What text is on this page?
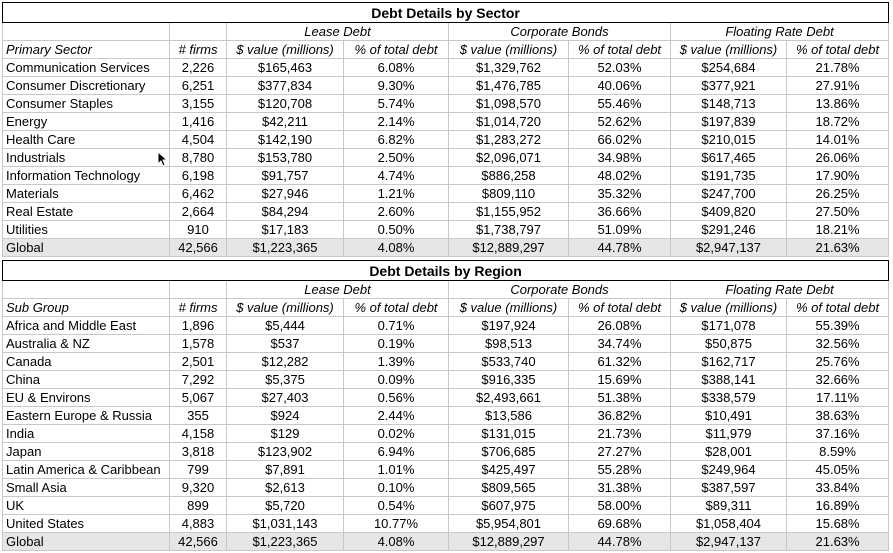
Debt Details by Sector							
		Lease Debt		Corporate Bonds		Floating Rate Debt	
Primary Sector	# firms	$ value (millions)	% of total debt	$ value (millions)	% of total debt	$ value (millions)	% of total debt
Communication Services	2,226	$165,463	6.08%	$1,329,762	52.03%	$254,684	21.78%
Consumer Discretionary	6,251	$377,834	9.30%	$1,476,785	40.06%	$377,921	27.91%
Consumer Staples	3,155	$120,708	5.74%	$1,098,570	55.46%	$148,713	13.86%
Energy	1,416	$42,211	2.14%	$1,014,720	52.62%	$197,839	18.72%
Health Care	4,504	$142,190	6.82%	$1,283,272	66.02%	$210,015	14.01%
Industrials	8,780	$153,780	2.50%	$2,096,071	34.98%	$617,465	26.06%
Information Technology	6,198	$91,757	4.74%	$886,258	48.02%	$191,735	17.90%
Materials	6,462	$27,946	1.21%	$809,110	35.32%	$247,700	26.25%
Real Estate	2,664	$84,294	2.60%	$1,155,952	36.66%	$409,820	27.50%
Utilities	910	$17,183	0.50%	$1,738,797	51.09%	$291,246	18.21%
Global	42,566	$1,223,365	4.08%	$12,889,297	44.78%	$2,947,137	21.63%
Debt Details by Region							
		Lease Debt		Corporate Bonds		Floating Rate Debt	
Sub Group	# firms	$ value (millions)	% of total debt	$ value (millions)	% of total debt	$ value (millions)	% of total debt
Africa and Middle East	1,896	$5,444	0.71%	$197,924	26.08%	$171,078	55.39%
Australia & NZ	1,578	$537	0.19%	$98,513	34.74%	$50,875	32.56%
Canada	2,501	$12,282	1.39%	$533,740	61.32%	$162,717	25.76%
China	7,292	$5,375	0.09%	$916,335	15.69%	$388,141	32.66%
EU & Environs	5,067	$27,403	0.56%	$2,493,661	51.38%	$338,579	17.11%
Eastern Europe & Russia	355	$924	2.44%	$13,586	36.82%	$10,491	38.63%
India	4,158	$129	0.02%	$131,015	21.73%	$11,979	37.16%
Japan	3,818	$123,902	6.94%	$706,685	27.27%	$28,001	8.59%
Latin America & Caribbean	799	$7,891	1.01%	$425,497	55.28%	$249,964	45.05%
Small Asia	9,320	$2,613	0.10%	$809,565	31.38%	$387,597	33.84%
UK	899	$5,720	0.54%	$607,975	58.00%	$89,311	16.89%
United States	4,883	$1,031,143	10.77%	$5,954,801	69.68%	$1,058,404	15.68%
Global	42,566	$1,223,365	4.08%	$12,889,297	44.78%	$2,947,137	21.63%
